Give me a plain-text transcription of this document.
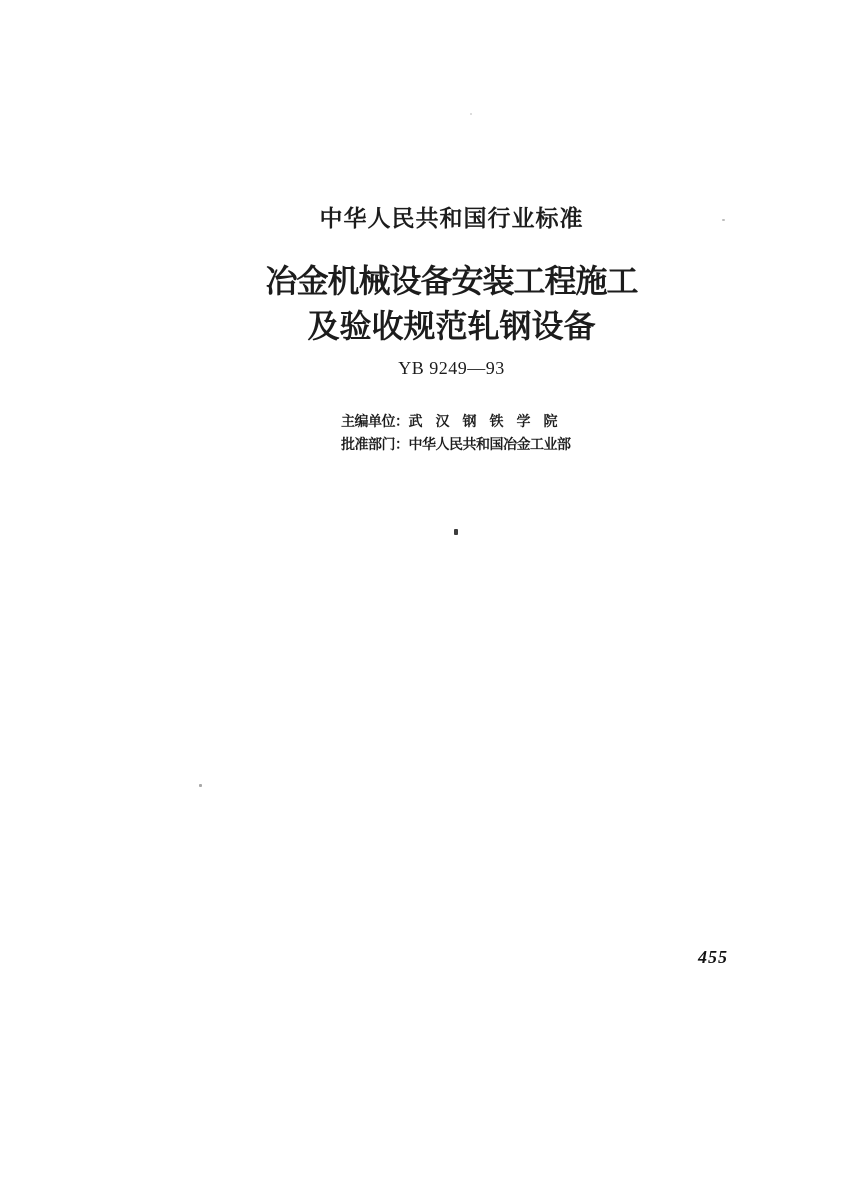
中华人民共和国行业标准
冶金机械设备安装工程施工
及验收规范轧钢设备
YB 9249—93
主编单位：武　汉　钢　铁　学　院
批准部门：中华人民共和国冶金工业部
455
